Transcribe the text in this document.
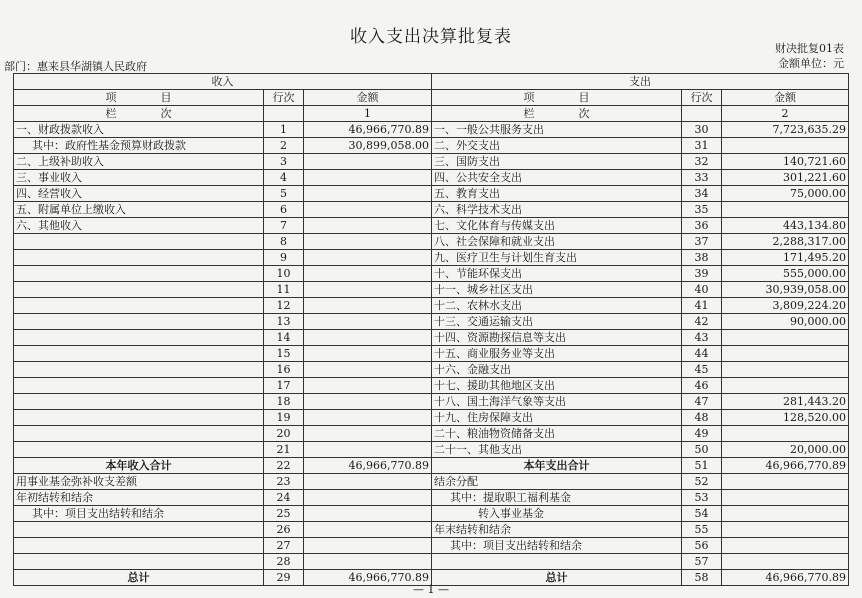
收入支出决算批复表
财决批复01表
金额单位：元
部门：惠来县华湖镇人民政府
收入			支出		
项　　　　目	行次	金额	项　　　　目	行次	金额
栏　　　　次		1	栏　　　　次		2
一、财政拨款收入	1	46,966,770.89	一、一般公共服务支出	30	7,723,635.29
其中：政府性基金预算财政拨款	2	30,899,058.00	二、外交支出	31	
二、上级补助收入	3		三、国防支出	32	140,721.60
三、事业收入	4		四、公共安全支出	33	301,221.60
四、经营收入	5		五、教育支出	34	75,000.00
五、附属单位上缴收入	6		六、科学技术支出	35	
六、其他收入	7		七、文化体育与传媒支出	36	443,134.80
	8		八、社会保障和就业支出	37	2,288,317.00
	9		九、医疗卫生与计划生育支出	38	171,495.20
	10		十、节能环保支出	39	555,000.00
	11		十一、城乡社区支出	40	30,939,058.00
	12		十二、农林水支出	41	3,809,224.20
	13		十三、交通运输支出	42	90,000.00
	14		十四、资源勘探信息等支出	43	
	15		十五、商业服务业等支出	44	
	16		十六、金融支出	45	
	17		十七、援助其他地区支出	46	
	18		十八、国土海洋气象等支出	47	281,443.20
	19		十九、住房保障支出	48	128,520.00
	20		二十、粮油物资储备支出	49	
	21		二十一、其他支出	50	20,000.00
本年收入合计	22	46,966,770.89	本年支出合计	51	46,966,770.89
用事业基金弥补收支差额	23		结余分配	52	
年初结转和结余	24		其中：提取职工福利基金	53	
其中：项目支出结转和结余	25		转入事业基金	54	
	26		年末结转和结余	55	
	27		其中：项目支出结转和结余	56	
	28			57	
总计	29	46,966,770.89	总计	58	46,966,770.89
— 1 —
